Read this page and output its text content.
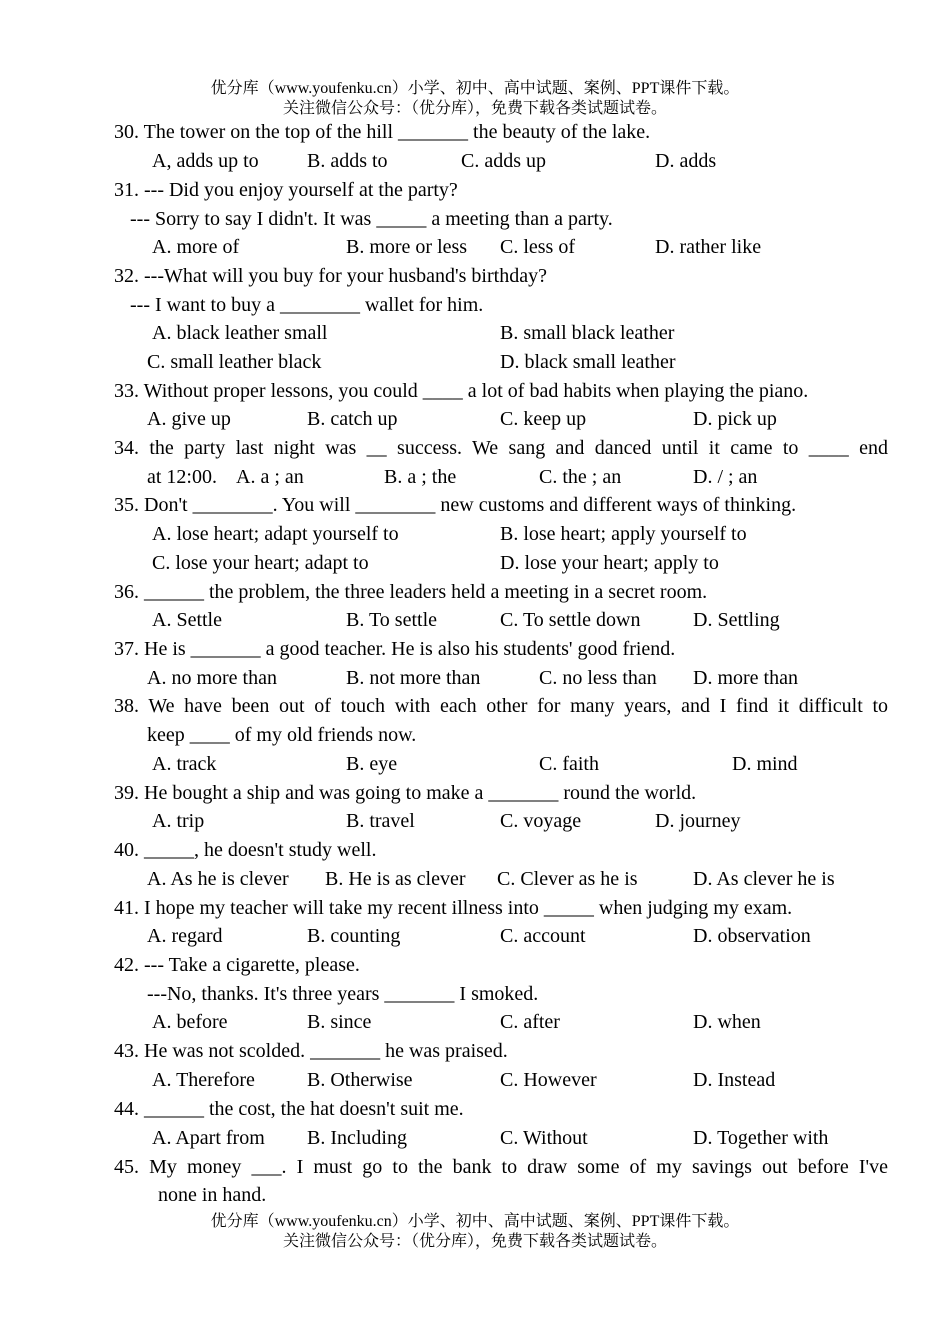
优分库（www.youfenku.cn）小学、初中、高中试题、案例、PPT课件下载。
关注微信公众号：（优分库），免费下载各类试题试卷。
30. The tower on the top of the hill _______ the beauty of the lake.
A, adds up to B. adds to	C. adds up	D. adds
31. --- Did you enjoy yourself at the party?
--- Sorry to say I didn't. It was _____ a meeting than a party.
A. more of	B. more or less C. less of	D. rather like
32. ---What will you buy for your husband's birthday?
--- I want to buy a ________ wallet for him.
A. black leather small	B. small black leather
C. small leather black	D. black small leather
33. Without proper lessons, you could ____ a lot of bad habits when playing the piano.
A. give up	B. catch up	C. keep up	D. pick up
34. the party last night was __ success. We sang and danced until it came to ____ end
at 12:00. A. a ; an	B. a ; the	C. the ; an	D. / ; an
35. Don't ________. You will ________ new customs and different ways of thinking.
A. lose heart; adapt yourself to	B. lose heart; apply yourself to
C. lose your heart; adapt to	D. lose your heart; apply to
36. ______ the problem, the three leaders held a meeting in a secret room.
A. Settle	B. To settle	C. To settle down	D. Settling
37. He is _______ a good teacher. He is also his students' good friend.
A. no more than	B. not more than	C. no less than D. more than
38. We have been out of touch with each other for many years, and I find it difficult to
keep ____ of my old friends now.
A. track	B. eye	C. faith	D. mind
39. He bought a ship and was going to make a _______ round the world.
A. trip	B. travel	C. voyage	D. journey
40. _____, he doesn't study well.
A. As he is clever B. He is as clever C. Clever as he is	D. As clever he is
41. I hope my teacher will take my recent illness into _____ when judging my exam.
A. regard	B. counting	C. account	D. observation
42. --- Take a cigarette, please.
---No, thanks. It's three years _______ I smoked.
A. before	B. since	C. after	D. when
43. He was not scolded. _______ he was praised.
A. Therefore	B. Otherwise	C. However	D. Instead
44. ______ the cost, the hat doesn't suit me.
A. Apart from B. Including	C. Without	D. Together with
45. My money ___. I must go to the bank to draw some of my savings out before I've
none in hand.
优分库（www.youfenku.cn）小学、初中、高中试题、案例、PPT课件下载。
关注微信公众号：（优分库），免费下载各类试题试卷。
